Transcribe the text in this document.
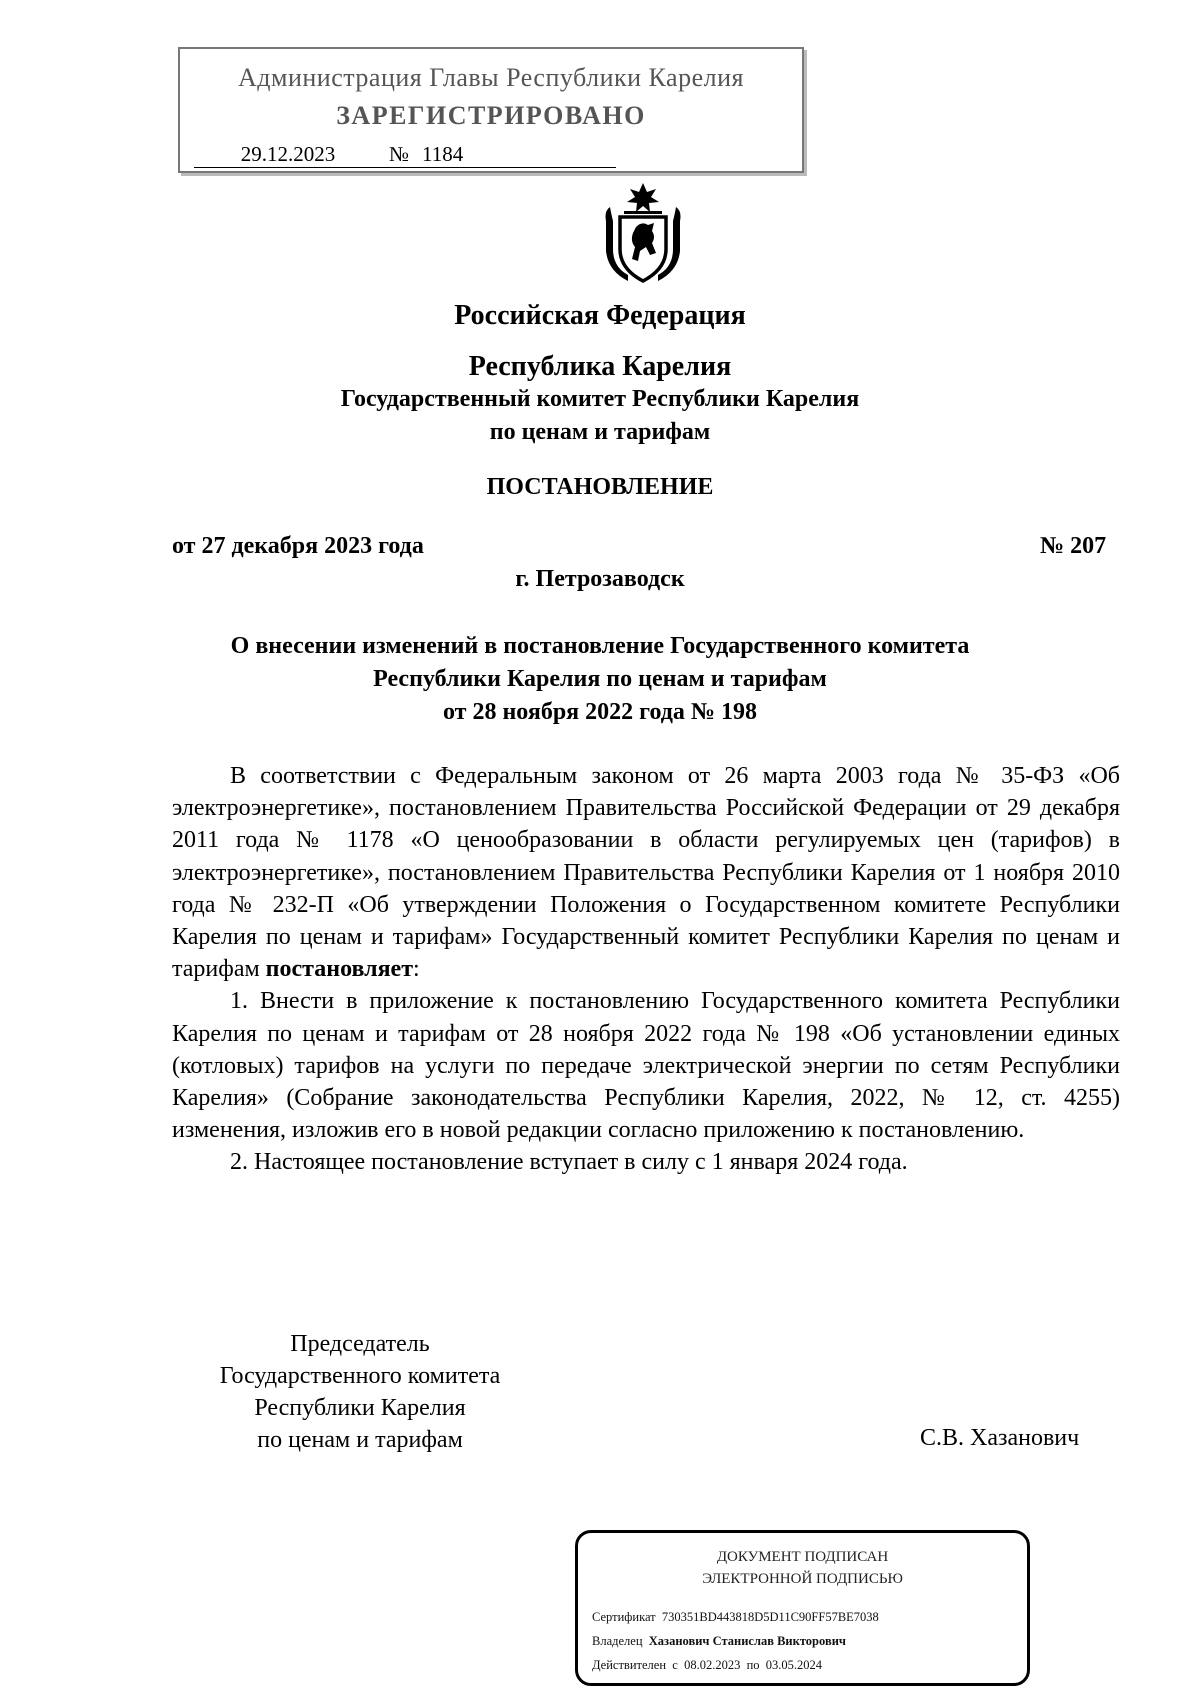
Администрация Главы Республики Карелия
ЗАРЕГИСТРИРОВАНО
29.12.2023	№ 1184
Российская Федерация
Республика Карелия
Государственный комитет Республики Карелия
по ценам и тарифам
ПОСТАНОВЛЕНИЕ
от 27 декабря 2023 года	№ 207
г. Петрозаводск
О внесении изменений в постановление Государственного комитета
Республики Карелия по ценам и тарифам
от 28 ноября 2022 года № 198

В соответствии с Федеральным законом от 26 марта 2003 года № 35-ФЗ «Об электроэнергетике», постановлением Правительства Российской Федерации от 29 декабря 2011 года № 1178 «О ценообразовании в области регулируемых цен (тарифов) в электроэнергетике», постановлением Правительства Республики Карелия от 1 ноября 2010 года № 232-П «Об утверждении Положения о Государственном комитете Республики Карелия по ценам и тарифам» Государственный комитет Республики Карелия по ценам и тарифам постановляет:

1. Внести в приложение к постановлению Государственного комитета Республики Карелия по ценам и тарифам от 28 ноября 2022 года № 198 «Об установлении единых (котловых) тарифов на услуги по передаче электрической энергии по сетям Республики Карелия» (Собрание законодательства Республики Карелия, 2022, № 12, ст. 4255) изменения, изложив его в новой редакции согласно приложению к постановлению.

2. Настоящее постановление вступает в силу с 1 января 2024 года.

Председатель
Государственного комитета
Республики Карелия
по ценам и тарифам	С.В. Хазанович
ДОКУМЕНТ ПОДПИСАН
ЭЛЕКТРОННОЙ ПОДПИСЬЮ
Сертификат 730351BD443818D5D11C90FF57BE7038
Владелец Хазанович Станислав Викторович
Действителен с 08.02.2023 по 03.05.2024
